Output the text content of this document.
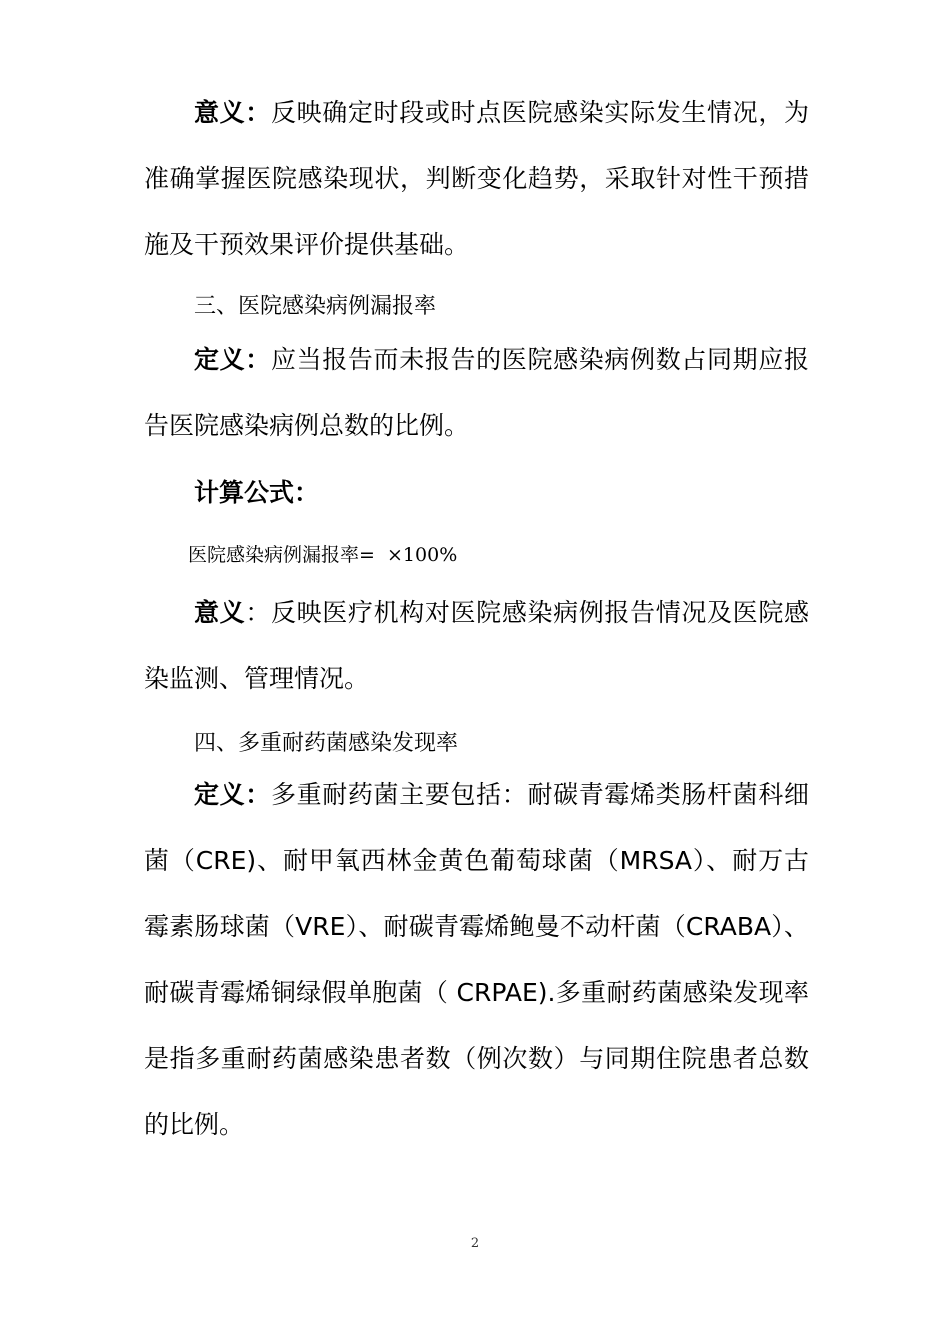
意义：反映确定时段或时点医院感染实际发生情况，为准确掌握医院感染现状，判断变化趋势，采取针对性干预措施及干预效果评价提供基础。

三、医院感染病例漏报率

定义：应当报告而未报告的医院感染病例数占同期应报告医院感染病例总数的比例。

计算公式：

医院感染病例漏报率= ×100%

意义：反映医疗机构对医院感染病例报告情况及医院感染监测、管理情况。

四、多重耐药菌感染发现率

定义：多重耐药菌主要包括：耐碳青霉烯类肠杆菌科细菌（CRE)、耐甲氧西林金黄色葡萄球菌（MRSA）、耐万古霉素肠球菌（VRE）、耐碳青霉烯鲍曼不动杆菌（CRABA）、耐碳青霉烯铜绿假单胞菌（ CRPAE).多重耐药菌感染发现率是指多重耐药菌感染患者数（例次数）与同期住院患者总数的比例。

2
